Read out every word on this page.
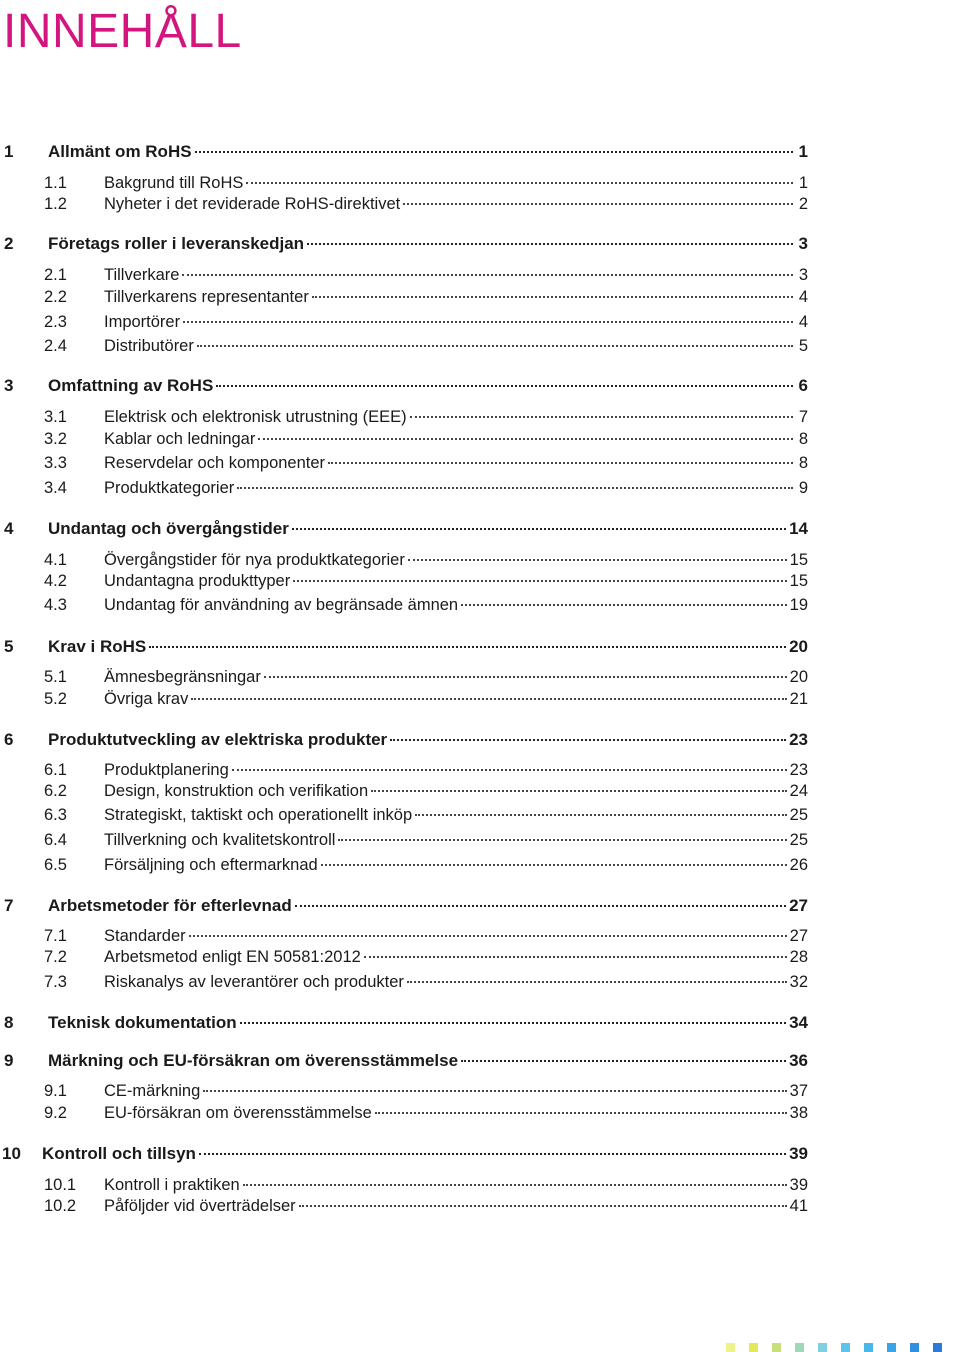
INNEHÅLL
1	Allmänt om RoHS	1
1.1	Bakgrund till RoHS	1
1.2	Nyheter i det reviderade RoHS-direktivet	2
2	Företags roller i leveranskedjan	3
2.1	Tillverkare	3
2.2	Tillverkarens representanter	4
2.3	Importörer	4
2.4	Distributörer	5
3	Omfattning av RoHS	6
3.1	Elektrisk och elektronisk utrustning (EEE)	7
3.2	Kablar och ledningar	8
3.3	Reservdelar och komponenter	8
3.4	Produktkategorier	9
4	Undantag och övergångstider	14
4.1	Övergångstider för nya produktkategorier	15
4.2	Undantagna produkttyper	15
4.3	Undantag för användning av begränsade ämnen	19
5	Krav i RoHS	20
5.1	Ämnesbegränsningar	20
5.2	Övriga krav	21
6	Produktutveckling av elektriska produkter	23
6.1	Produktplanering	23
6.2	Design, konstruktion och verifikation	24
6.3	Strategiskt, taktiskt och operationellt inköp	25
6.4	Tillverkning och kvalitetskontroll	25
6.5	Försäljning och eftermarknad	26
7	Arbetsmetoder för efterlevnad	27
7.1	Standarder	27
7.2	Arbetsmetod enligt EN 50581:2012	28
7.3	Riskanalys av leverantörer och produkter	32
8	Teknisk dokumentation	34
9	Märkning och EU-försäkran om överensstämmelse	36
9.1	CE-märkning	37
9.2	EU-försäkran om överensstämmelse	38
10	Kontroll och tillsyn	39
10.1	Kontroll i praktiken	39
10.2	Påföljder vid överträdelser	41
